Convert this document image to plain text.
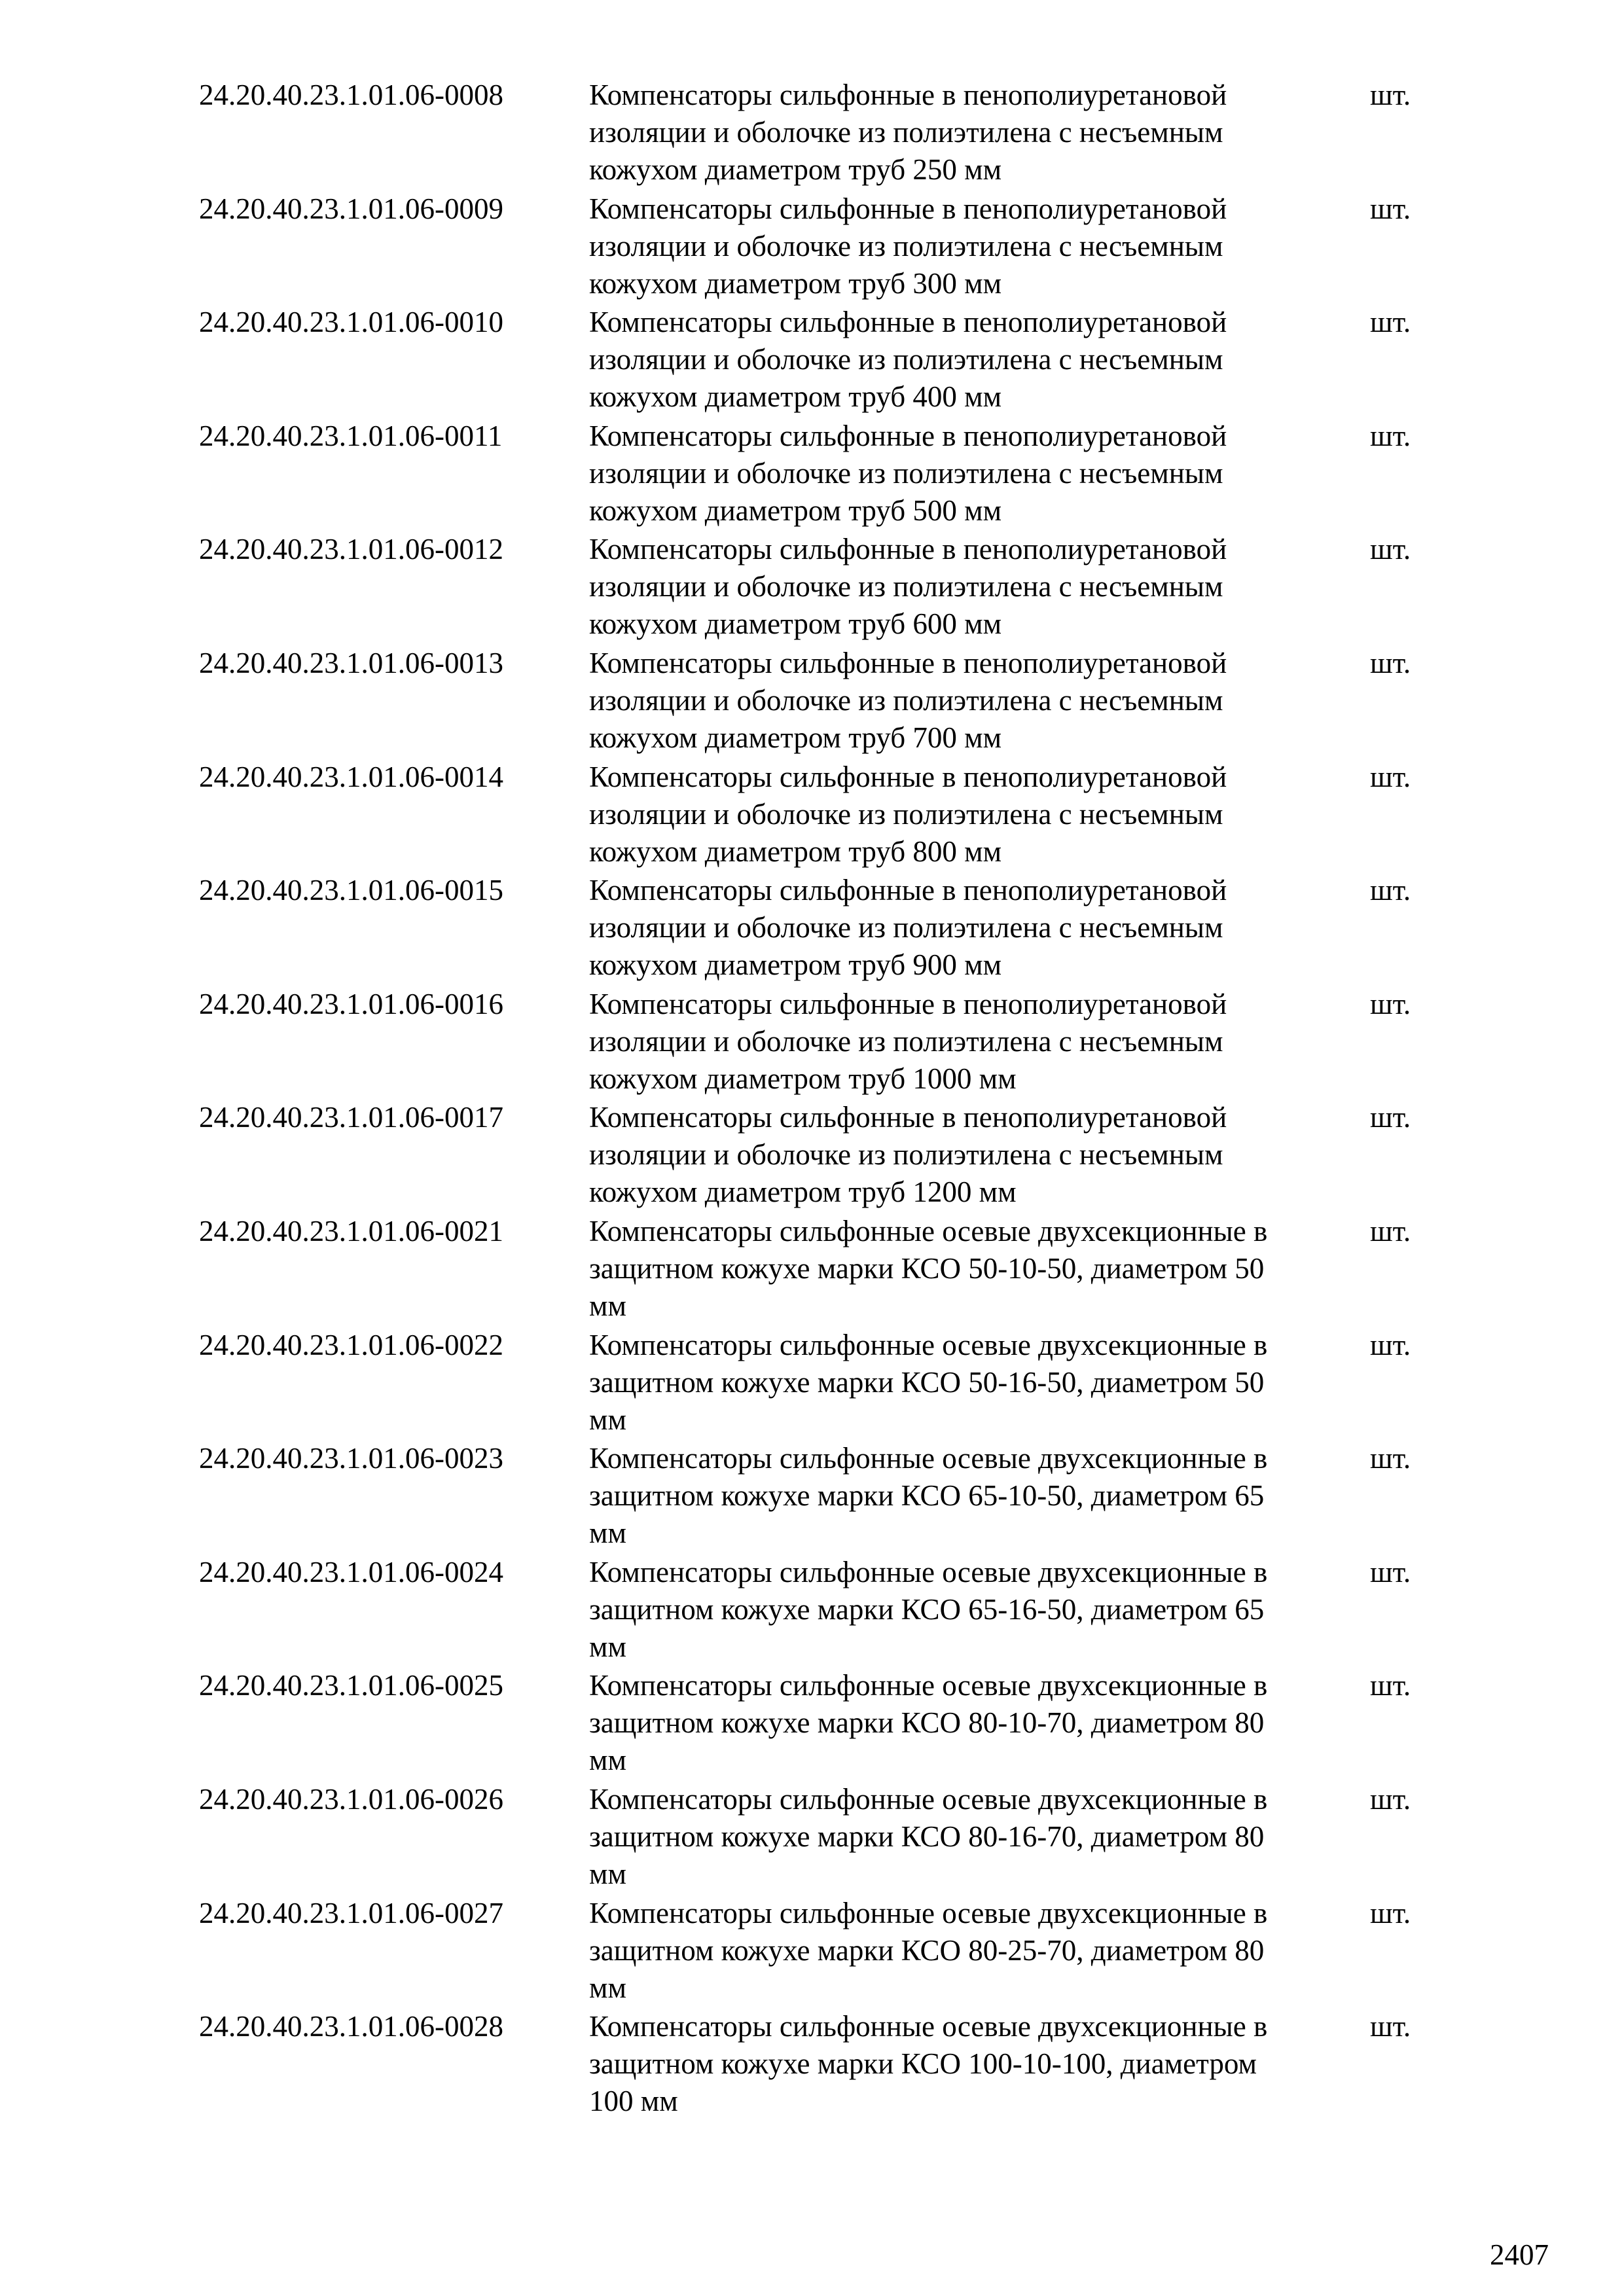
24.20.40.23.1.01.06-0008	Компенсаторы сильфонные в пенополиуретановой
изоляции и оболочке из полиэтилена с несъемным
кожухом диаметром труб 250 мм
шт.
24.20.40.23.1.01.06-0009	Компенсаторы сильфонные в пенополиуретановой
изоляции и оболочке из полиэтилена с несъемным
кожухом диаметром труб 300 мм
шт.
24.20.40.23.1.01.06-0010	Компенсаторы сильфонные в пенополиуретановой
изоляции и оболочке из полиэтилена с несъемным
кожухом диаметром труб 400 мм
шт.
24.20.40.23.1.01.06-0011	Компенсаторы сильфонные в пенополиуретановой
изоляции и оболочке из полиэтилена с несъемным
кожухом диаметром труб 500 мм
шт.
24.20.40.23.1.01.06-0012	Компенсаторы сильфонные в пенополиуретановой
изоляции и оболочке из полиэтилена с несъемным
кожухом диаметром труб 600 мм
шт.
24.20.40.23.1.01.06-0013	Компенсаторы сильфонные в пенополиуретановой
изоляции и оболочке из полиэтилена с несъемным
кожухом диаметром труб 700 мм
шт.
24.20.40.23.1.01.06-0014	Компенсаторы сильфонные в пенополиуретановой
изоляции и оболочке из полиэтилена с несъемным
кожухом диаметром труб 800 мм
шт.
24.20.40.23.1.01.06-0015	Компенсаторы сильфонные в пенополиуретановой
изоляции и оболочке из полиэтилена с несъемным
кожухом диаметром труб 900 мм
шт.
24.20.40.23.1.01.06-0016	Компенсаторы сильфонные в пенополиуретановой
изоляции и оболочке из полиэтилена с несъемным
кожухом диаметром труб 1000 мм
шт.
24.20.40.23.1.01.06-0017	Компенсаторы сильфонные в пенополиуретановой
изоляции и оболочке из полиэтилена с несъемным
кожухом диаметром труб 1200 мм
шт.
24.20.40.23.1.01.06-0021	Компенсаторы сильфонные осевые двухсекционные в
защитном кожухе марки КСО 50-10-50, диаметром 50
мм
шт.
24.20.40.23.1.01.06-0022	Компенсаторы сильфонные осевые двухсекционные в
защитном кожухе марки КСО 50-16-50, диаметром 50
мм
шт.
24.20.40.23.1.01.06-0023	Компенсаторы сильфонные осевые двухсекционные в
защитном кожухе марки КСО 65-10-50, диаметром 65
мм
шт.
24.20.40.23.1.01.06-0024	Компенсаторы сильфонные осевые двухсекционные в
защитном кожухе марки КСО 65-16-50, диаметром 65
мм
шт.
24.20.40.23.1.01.06-0025	Компенсаторы сильфонные осевые двухсекционные в
защитном кожухе марки КСО 80-10-70, диаметром 80
мм
шт.
24.20.40.23.1.01.06-0026	Компенсаторы сильфонные осевые двухсекционные в
защитном кожухе марки КСО 80-16-70, диаметром 80
мм
шт.
24.20.40.23.1.01.06-0027	Компенсаторы сильфонные осевые двухсекционные в
защитном кожухе марки КСО 80-25-70, диаметром 80
мм
шт.
24.20.40.23.1.01.06-0028	Компенсаторы сильфонные осевые двухсекционные в
защитном кожухе марки КСО 100-10-100, диаметром
100 мм
шт.
2407
